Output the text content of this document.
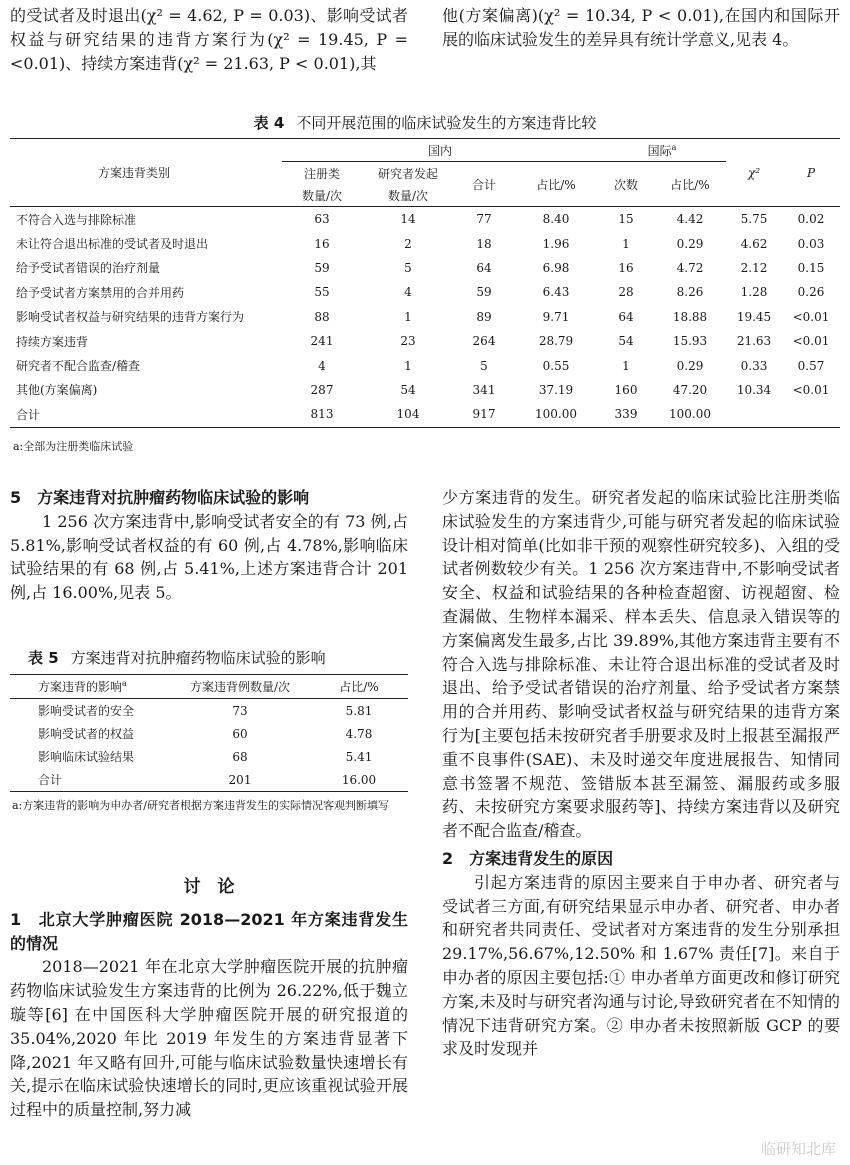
的受试者及时退出(χ² = 4.62, P = 0.03)、影响受试者权益与研究结果的违背方案行为(χ² = 19.45, P = <0.01)、持续方案违背(χ² = 21.63, P < 0.01),其

他(方案偏离)(χ² = 10.34, P < 0.01),在国内和国际开展的临床试验发生的差异具有统计学意义,见表 4。

表 4 不同开展范围的临床试验发生的方案违背比较
方案违背类别	国内				国际$^a$		χ²	P
	注册类	研究者发起	合计	占比/%	次数	占比/%		
	数量/次	数量/次						
不符合入选与排除标准	63	14	77	8.40	15	4.42	5.75	0.02
未让符合退出标准的受试者及时退出	16	2	18	1.96	1	0.29	4.62	0.03
给予受试者错误的治疗剂量	59	5	64	6.98	16	4.72	2.12	0.15
给予受试者方案禁用的合并用药	55	4	59	6.43	28	8.26	1.28	0.26
影响受试者权益与研究结果的违背方案行为	88	1	89	9.71	64	18.88	19.45	<0.01
持续方案违背	241	23	264	28.79	54	15.93	21.63	<0.01
研究者不配合监查/稽查	4	1	5	0.55	1	0.29	0.33	0.57
其他(方案偏离)	287	54	341	37.19	160	47.20	10.34	<0.01
合计	813	104	917	100.00	339	100.00		
a:全部为注册类临床试验

5　方案违背对抗肿瘤药物临床试验的影响

1 256 次方案违背中,影响受试者安全的有 73 例,占 5.81%,影响受试者权益的有 60 例,占 4.78%,影响临床试验结果的有 68 例,占 5.41%,上述方案违背合计 201 例,占 16.00%,见表 5。

表 5 方案违背对抗肿瘤药物临床试验的影响
方案违背的影响$^a$	方案违背例数量/次	占比/%
影响受试者的安全	73	5.81
影响受试者的权益	60	4.78
影响临床试验结果	68	5.41
合计	201	16.00
a:方案违背的影响为申办者/研究者根据方案违背发生的实际情况客观判断填写

讨　论

1　北京大学肿瘤医院 2018—2021 年方案违背发生的情况

2018—2021 年在北京大学肿瘤医院开展的抗肿瘤药物临床试验发生方案违背的比例为 26.22%,低于魏立璇等[6] 在中国医科大学肿瘤医院开展的研究报道的 35.04%,2020 年比 2019 年发生的方案违背显著下降,2021 年又略有回升,可能与临床试验数量快速增长有关,提示在临床试验快速增长的同时,更应该重视试验开展过程中的质量控制,努力减

少方案违背的发生。研究者发起的临床试验比注册类临床试验发生的方案违背少,可能与研究者发起的临床试验设计相对简单(比如非干预的观察性研究较多)、入组的受试者例数较少有关。1 256 次方案违背中,不影响受试者安全、权益和试验结果的各种检查超窗、访视超窗、检查漏做、生物样本漏采、样本丢失、信息录入错误等的方案偏离发生最多,占比 39.89%,其他方案违背主要有不符合入选与排除标准、未让符合退出标准的受试者及时退出、给予受试者错误的治疗剂量、给予受试者方案禁用的合并用药、影响受试者权益与研究结果的违背方案行为[主要包括未按研究者手册要求及时上报甚至漏报严重不良事件(SAE)、未及时递交年度进展报告、知情同意书签署不规范、签错版本甚至漏签、漏服药或多服药、未按研究方案要求服药等]、持续方案违背以及研究者不配合监查/稽查。

2　方案违背发生的原因

引起方案违背的原因主要来自于申办者、研究者与受试者三方面,有研究结果显示申办者、研究者、申办者和研究者共同责任、受试者对方案违背的发生分别承担 29.17%,56.67%,12.50% 和 1.67% 责任[7]。来自于申办者的原因主要包括:① 申办者单方面更改和修订研究方案,未及时与研究者沟通与讨论,导致研究者在不知情的情况下违背研究方案。② 申办者未按照新版 GCP 的要求及时发现并

临研知北库
